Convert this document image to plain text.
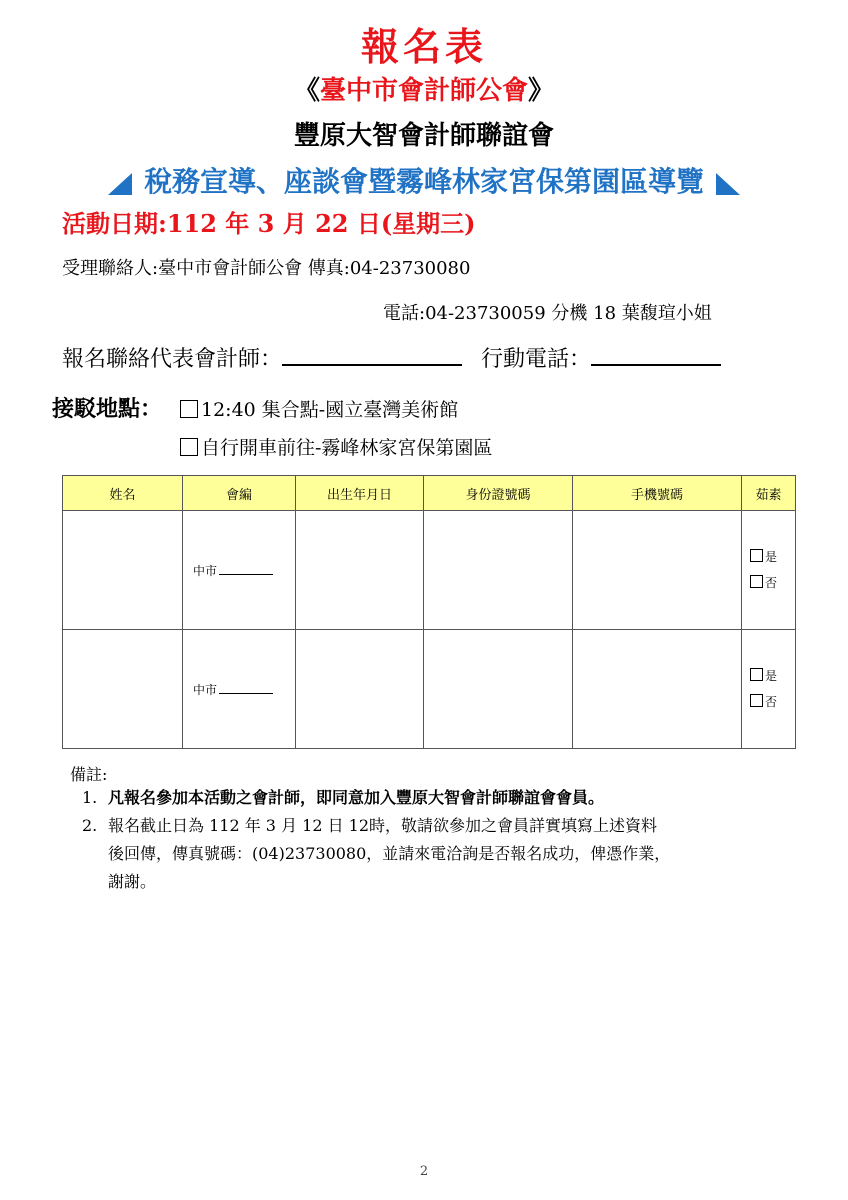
報名表
《臺中市會計師公會》
豐原大智會計師聯誼會
稅務宣導、座談會暨霧峰林家宮保第園區導覽
活動日期:112 年 3 月 22 日(星期三)
受理聯絡人:臺中市會計師公會 傳真:04-23730080
電話:04-23730059 分機 18 葉馥瑄小姐
報名聯絡代表會計師：	行動電話：
接駁地點：	12:40 集合點-國立臺灣美術館
自行開車前往-霧峰林家宮保第園區
姓名	會編	出生年月日	身份證號碼	手機號碼	茹素
	中市				是
否

	中市				是
否
備註:
1. 凡報名參加本活動之會計師，即同意加入豐原大智會計師聯誼會會員。
2. 報名截止日為 112 年 3 月 12 日 12時，敬請欲參加之會員詳實填寫上述資料
後回傳，傳真號碼：(04)23730080，並請來電洽詢是否報名成功，俾憑作業，
謝謝。
2
